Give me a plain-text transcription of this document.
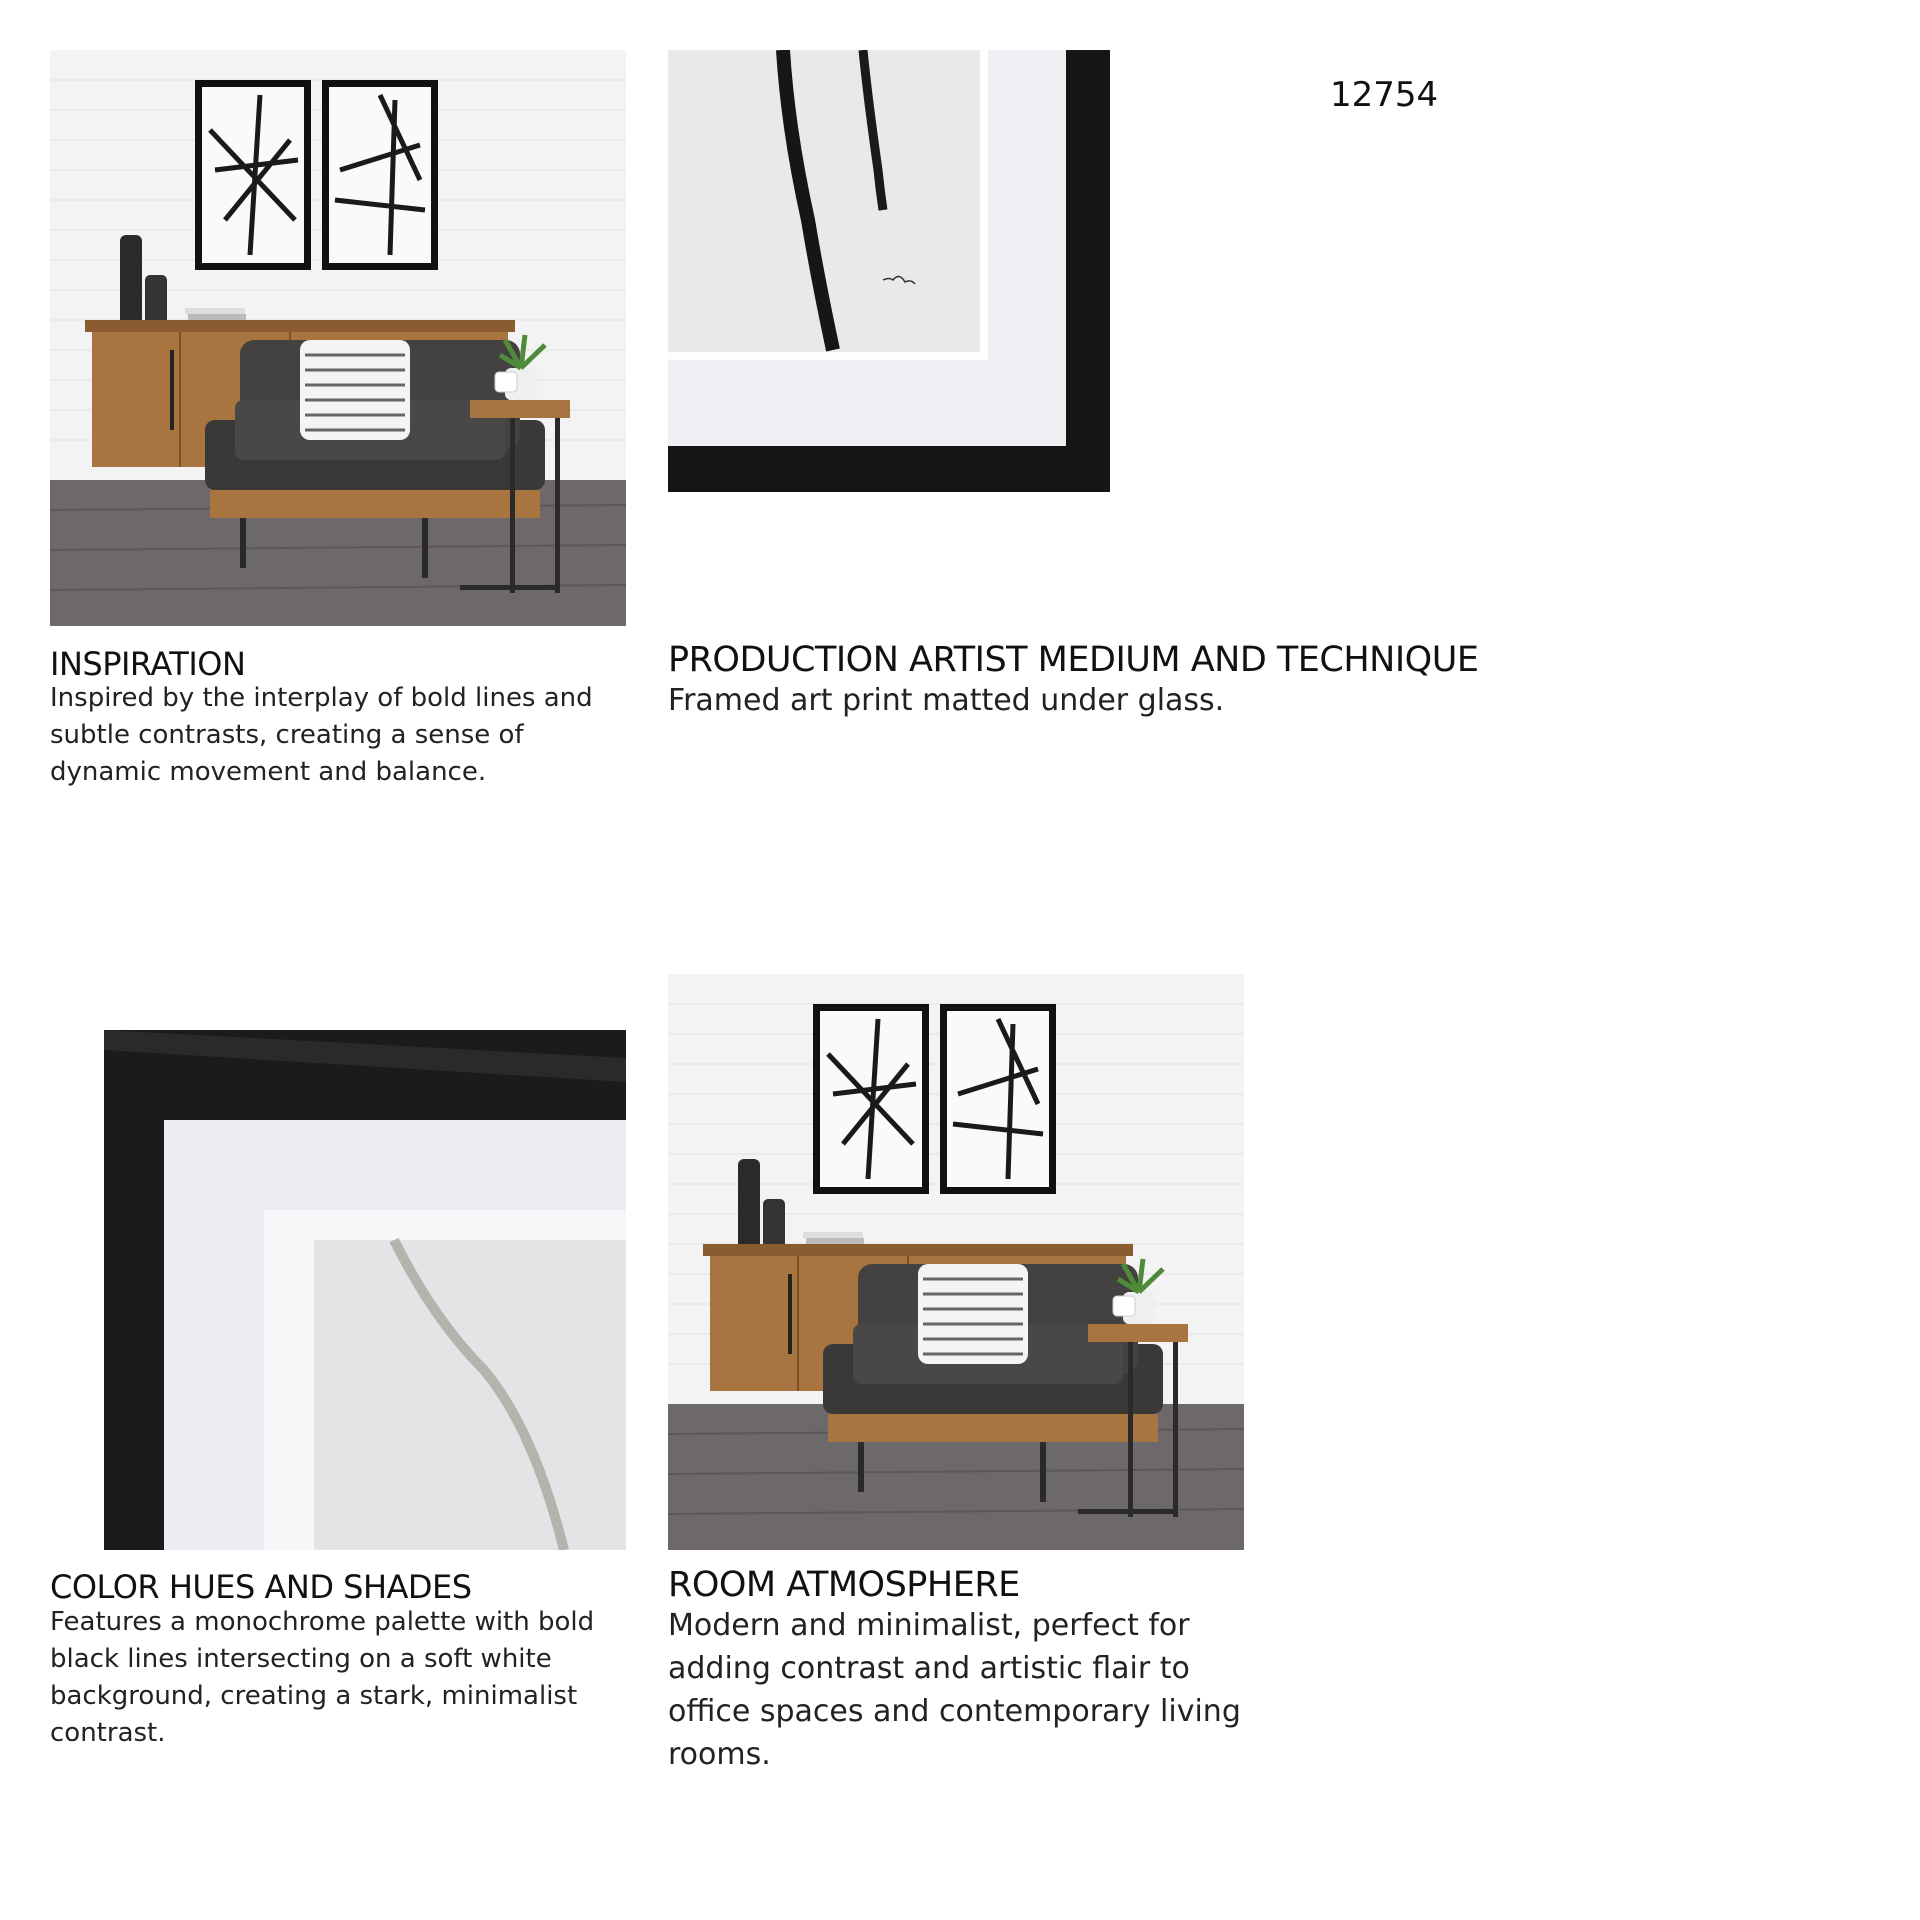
12754
INSPIRATION

Inspired by the interplay of bold lines and subtle contrasts, creating a sense of dynamic movement and balance.

PRODUCTION ARTIST MEDIUM AND TECHNIQUE

Framed art print matted under glass.

COLOR HUES AND SHADES

Features a monochrome palette with bold black lines intersecting on a soft white background, creating a stark, minimalist contrast.

ROOM ATMOSPHERE

Modern and minimalist, perfect for adding contrast and artistic flair to office spaces and contemporary living rooms.
